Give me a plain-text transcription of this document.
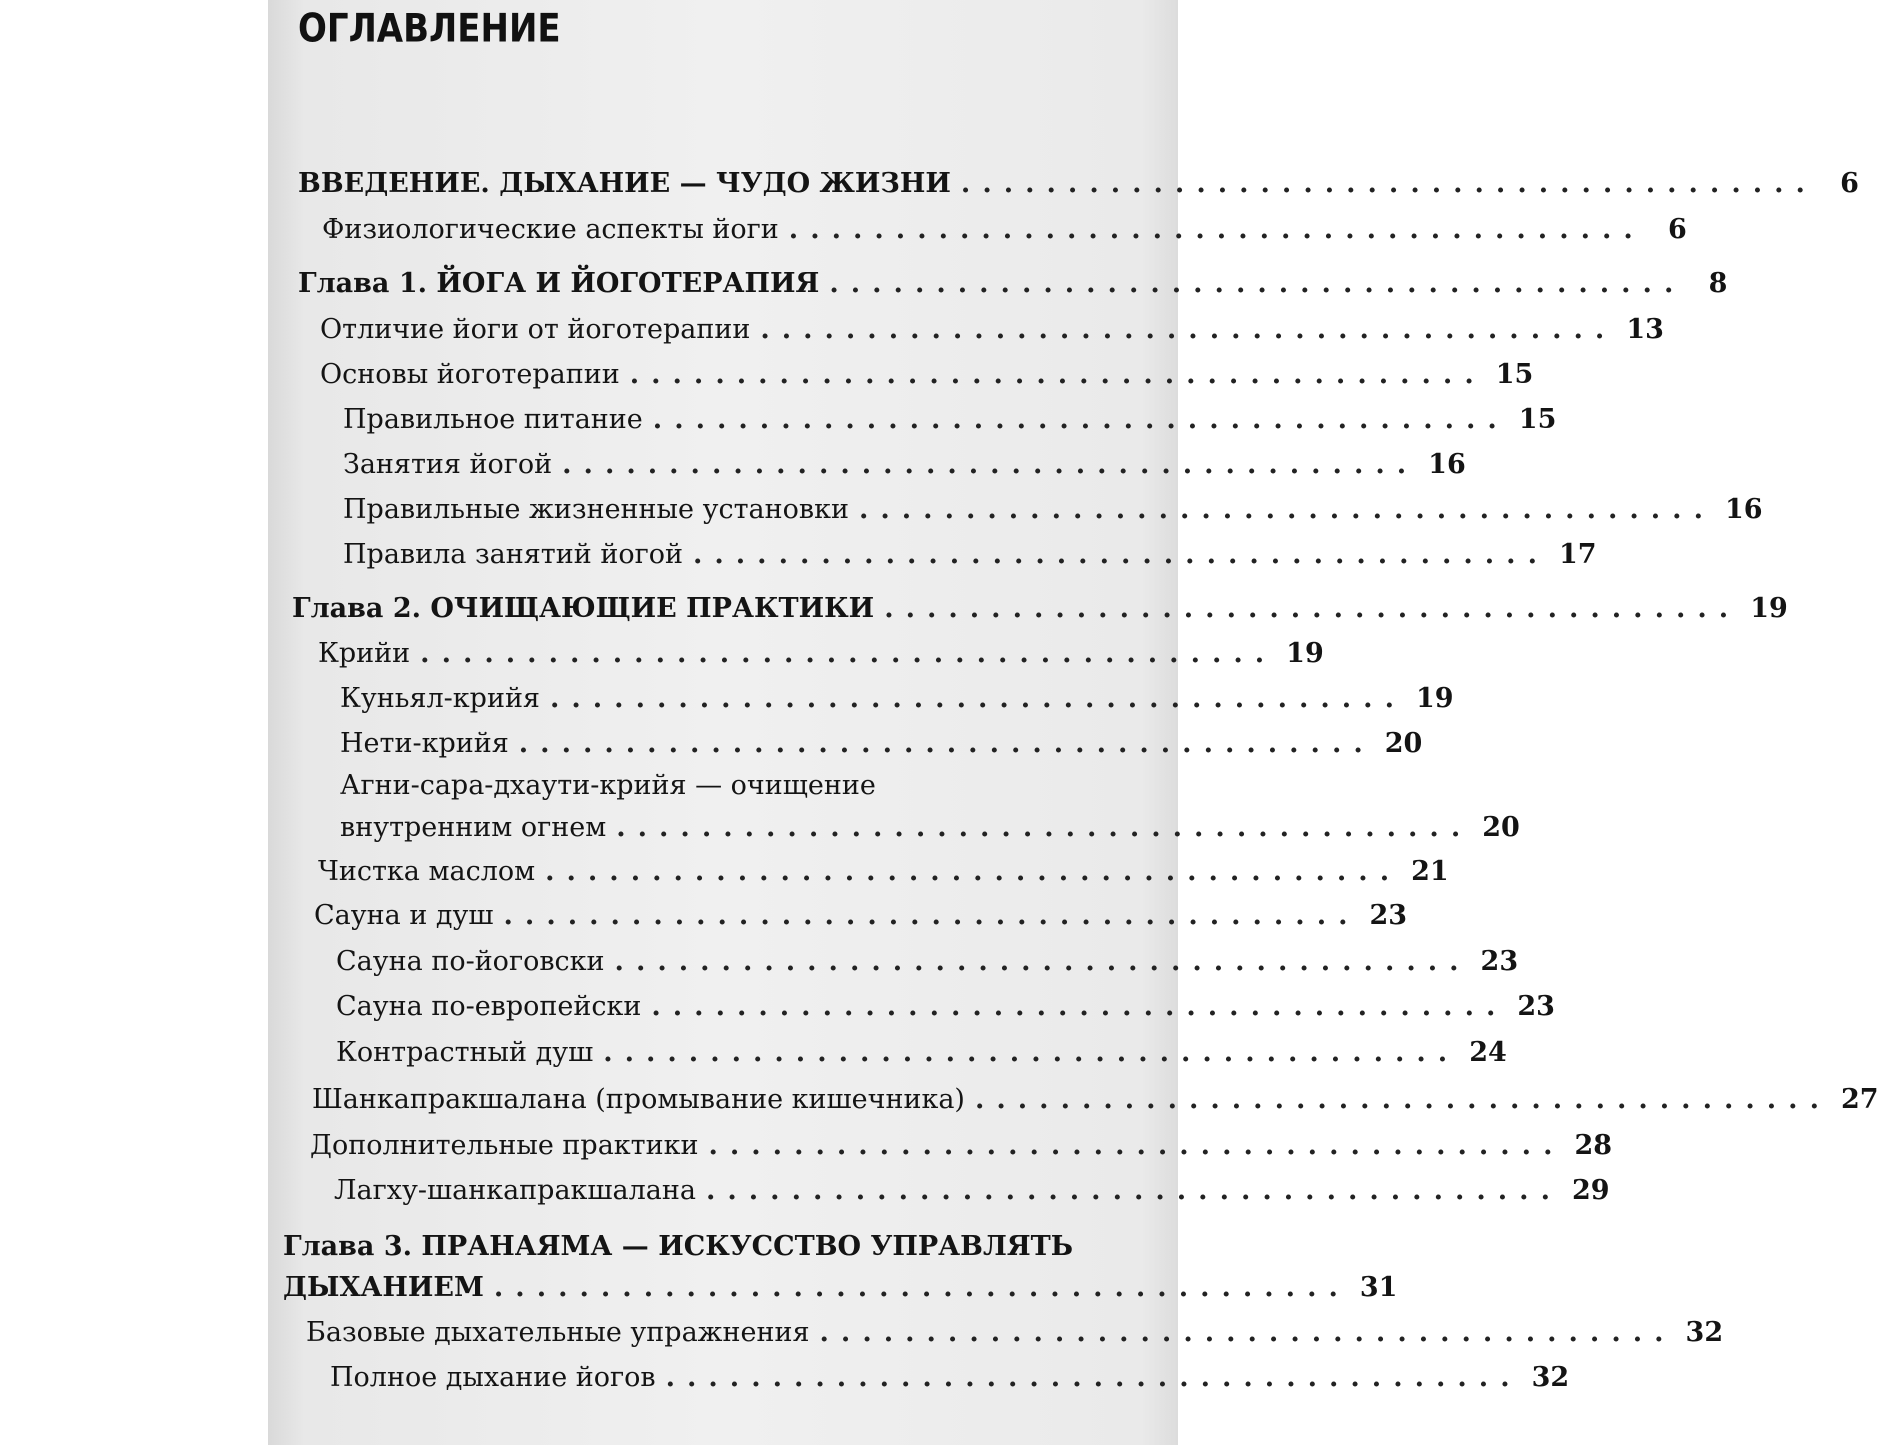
ОГЛАВЛЕНИЕ
ВВЕДЕНИЕ. ДЫХАНИЕ — ЧУДО ЖИЗНИ ........................................ 6
Физиологические аспекты йоги ........................................ 6
Глава 1. ЙОГА И ЙОГОТЕРАПИЯ ........................................ 8
Отличие йоги от йоготерапии ........................................ 13
Основы йоготерапии ........................................ 15
Правильное питание ........................................ 15
Занятия йогой ........................................ 16
Правильные жизненные установки ........................................ 16
Правила занятий йогой ........................................ 17
Глава 2. ОЧИЩАЮЩИЕ ПРАКТИКИ ........................................ 19
Крийи ........................................ 19
Куньял-крийя ........................................ 19
Нети-крийя ........................................ 20
Агни-сара-дхаути-крийя — очищение
внутренним огнем ........................................ 20
Чистка маслом ........................................ 21
Сауна и душ ........................................ 23
Сауна по-йоговски ........................................ 23
Сауна по-европейски ........................................ 23
Контрастный душ ........................................ 24
Шанкапракшалана (промывание кишечника) ........................................ 27
Дополнительные практики ........................................ 28
Лагху-шанкапракшалана ........................................ 29
Глава 3. ПРАНАЯМА — ИСКУССТВО УПРАВЛЯТЬ
ДЫХАНИЕМ ........................................ 31
Базовые дыхательные упражнения ........................................ 32
Полное дыхание йогов ........................................ 32
